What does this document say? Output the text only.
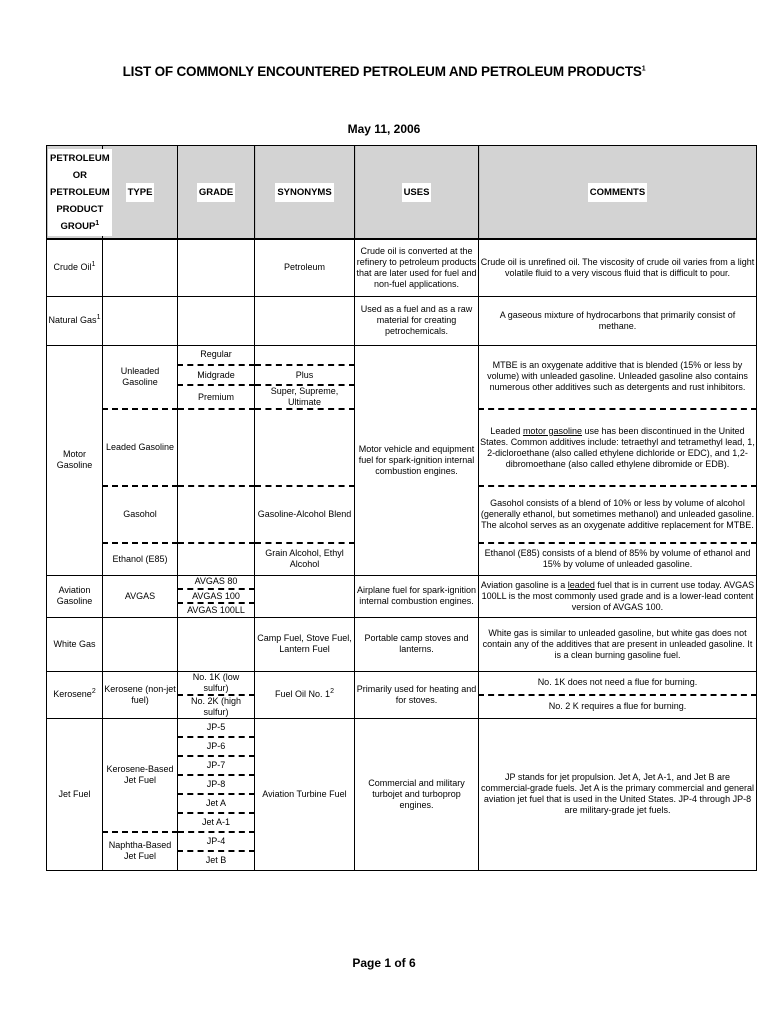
LIST OF COMMONLY ENCOUNTERED PETROLEUM AND PETROLEUM PRODUCTS$^1$
May 11, 2006
PETROLEUM OR PETROLEUM PRODUCT GROUP$^1$	TYPE	GRADE	SYNONYMS	USES	COMMENTS
Crude Oil$^1$			Petroleum	Crude oil is converted at the refinery to petroleum products that are later used for fuel and non-fuel applications.	Crude oil is unrefined oil. The viscosity of crude oil varies from a light volatile fluid to a very viscous fluid that is difficult to pour.
Natural Gas$^1$				Used as a fuel and as a raw material for creating petrochemicals.	A gaseous mixture of hydrocarbons that primarily consist of methane.
Motor Gasoline	Unleaded Gasoline	Regular		Motor vehicle and equipment fuel for spark-ignition internal combustion engines.	MTBE is an oxygenate additive that is blended (15% or less by volume) with unleaded gasoline. Unleaded gasoline also contains numerous other additives such as detergents and rust inhibitors.
		Midgrade	Plus		
		Premium	Super, Supreme, Ultimate		
	Leaded Gasoline				Leaded motor gasoline use has been discontinued in the United States. Common additives include: tetraethyl and tetramethyl lead, 1, 2-dicloroethane (also called ethylene dichloride or EDC), and 1,2-dibromoethane (also called ethylene dibromide or EDB).

	Gasohol		Gasoline-Alcohol Blend		Gasohol consists of a blend of 10% or less by volume of alcohol (generally ethanol, but sometimes methanol) and unleaded gasoline. The alcohol serves as an oxygenate additive replacement for MTBE.
	Ethanol (E85)		Grain Alcohol, Ethyl Alcohol		Ethanol (E85) consists of a blend of 85% by volume of ethanol and 15% by volume of unleaded gasoline.
Aviation Gasoline	AVGAS	AVGAS 80		Airplane fuel for spark-ignition internal combustion engines.	Aviation gasoline is a leaded fuel that is in current use today. AVGAS 100LL is the most commonly used grade and is a lower-lead content version of AVGAS 100.
		AVGAS 100			
		AVGAS 100LL			
White Gas			Camp Fuel, Stove Fuel, Lantern Fuel	Portable camp stoves and lanterns.	White gas is similar to unleaded gasoline, but white gas does not contain any of the additives that are present in unleaded gasoline. It is a clean burning gasoline fuel.
Kerosene$^2$	Kerosene (non-jet fuel)	No. 1K (low sulfur)	Fuel Oil No. $1^2$	Primarily used for heating and for stoves.	No. 1K does not need a flue for burning.
		No. 2K (high sulfur)			No. 2 K requires a flue for burning.
Jet Fuel	Kerosene-Based Jet Fuel	JP-5	Aviation Turbine Fuel	Commercial and military turbojet and turboprop engines.	JP stands for jet propulsion. Jet A, Jet A-1, and Jet B are commercial-grade fuels. Jet A is the primary commercial and general aviation jet fuel that is used in the United States. JP-4 through JP-8 are military-grade jet fuels.
		JP-6			
		JP-7			
		JP-8			
		Jet A			
		Jet A-1			
	Naphtha-Based Jet Fuel	JP-4			
		Jet B			
Page 1 of 6
